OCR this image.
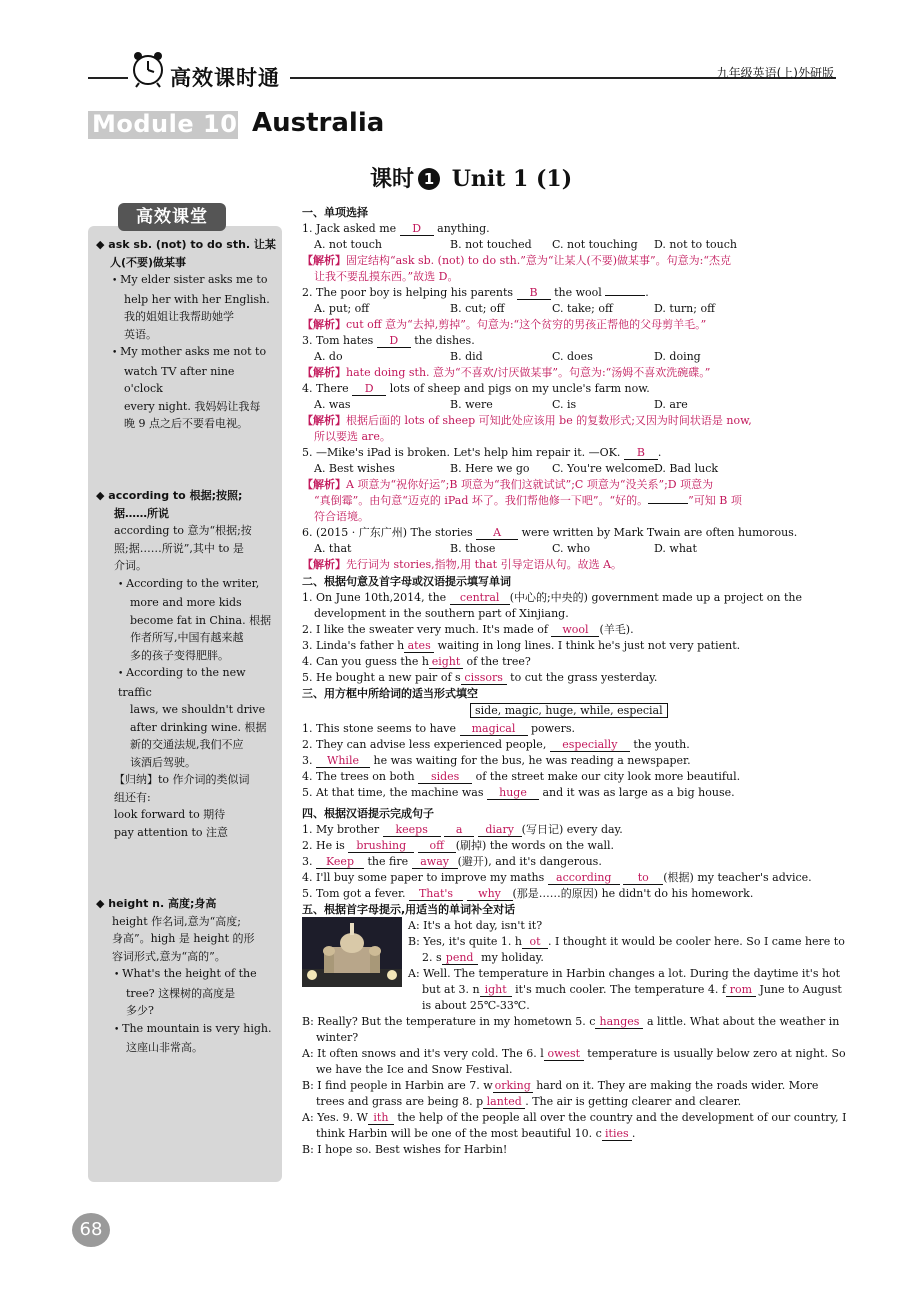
高效课时通	九年级英语(上)外研版
Module 10 Australia
课时 1 Unit 1 (1)
高效课堂

◆ ask sb. (not) to do sth. 让某

人(不要)做某事

• My elder sister asks me to

help her with her English.

我的姐姐让我帮助她学

英语。

• My mother asks me not to

watch TV after nine o'clock

every night. 我妈妈让我每

晚 9 点之后不要看电视。

◆ according to 根据;按照;

据……所说

according to 意为“根据;按

照;据……所说”,其中 to 是

介词。

• According to the writer,

more and more kids

become fat in China. 根据

作者所写,中国有越来越

多的孩子变得肥胖。

• According to the new traffic

laws, we shouldn't drive

after drinking wine. 根据

新的交通法规,我们不应

该酒后驾驶。

【归纳】to 作介词的类似词

组还有:

look forward to 期待

pay attention to 注意

◆ height n. 高度;身高

height 作名词,意为“高度;

身高”。high 是 height 的形

容词形式,意为“高的”。

• What's the height of the

tree? 这棵树的高度是

多少?

• The mountain is very high.

这座山非常高。

一、单项选择

1. Jack asked me D anything.

A. not touch	B. not touched C. not touching D. not to touch

【解析】固定结构“ask sb. (not) to do sth.”意为“让某人(不要)做某事”。句意为:“杰克

让我不要乱摸东西。”故选 D。

2. The poor boy is helping his parents B the wool	.

A. put; off	B. cut; off	C. take; off	D. turn; off

【解析】cut off 意为“去掉,剪掉”。句意为:“这个贫穷的男孩正帮他的父母剪羊毛。”

3. Tom hates D the dishes.

A. do	B. did	C. does	D. doing

【解析】hate doing sth. 意为“不喜欢/讨厌做某事”。句意为:“汤姆不喜欢洗碗碟。”

4. There D lots of sheep and pigs on my uncle's farm now.

A. was	B. were	C. is	D. are

【解析】根据后面的 lots of sheep 可知此处应该用 be 的复数形式;又因为时间状语是 now,

所以要选 are。

5. —Mike's iPad is broken. Let's help him repair it. —OK. B .

A. Best wishes	B. Here we go C. You're welcome D. Bad luck

【解析】A 项意为“祝你好运”;B 项意为“我们这就试试”;C 项意为“没关系”;D 项意为

“真倒霉”。由句意“迈克的 iPad 坏了。我们帮他修一下吧”。“好的。	”可知 B 项

符合语境。

6. (2015 · 广东广州) The stories A were written by Mark Twain are often humorous.

A. that	B. those	C. who	D. what

【解析】先行词为 stories,指物,用 that 引导定语从句。故选 A。

二、根据句意及首字母或汉语提示填写单词

1. On June 10th,2014, the central (中心的;中央的) government made up a project on the

development in the southern part of Xinjiang.

2. I like the sweater very much. It's made of wool (羊毛).

3. Linda's father h ates waiting in long lines. I think he's just not very patient.

4. Can you guess the h eight of the tree?

5. He bought a new pair of s cissors to cut the grass yesterday.

三、用方框中所给词的适当形式填空

side, magic, huge, while, especial

1. This stone seems to have magical powers.

2. They can advise less experienced people, especially the youth.

3. While he was waiting for the bus, he was reading a newspaper.

4. The trees on both sides of the street make our city look more beautiful.

5. At that time, the machine was huge and it was as large as a big house.

四、根据汉语提示完成句子

1. My brother keeps	a diary (写日记) every day.

2. He is brushing off (刷掉) the words on the wall.

3. Keep the fire away (避开), and it's dangerous.

4. I'll buy some paper to improve my maths according to (根据) my teacher's advice.

5. Tom got a fever. That's why (那是……的原因) he didn't do his homework.

五、根据首字母提示,用适当的单词补全对话

A: It's a hot day, isn't it?

B: Yes, it's quite 1. h ot . I thought it would be cooler here. So I came here to

2. s pend my holiday.

A: Well. The temperature in Harbin changes a lot. During the daytime it's hot

but at 3. n ight it's much cooler. The temperature 4. f rom June to August

is about 25℃-33℃.

B: Really? But the temperature in my hometown 5. c hanges a little. What about the weather in

winter?

A: It often snows and it's very cold. The 6. l owest temperature is usually below zero at night. So

we have the Ice and Snow Festival.

B: I find people in Harbin are 7. w orking hard on it. They are making the roads wider. More

trees and grass are being 8. p lanted . The air is getting clearer and clearer.

A: Yes. 9. W ith the help of the people all over the country and the development of our country, I

think Harbin will be one of the most beautiful 10. c ities .

B: I hope so. Best wishes for Harbin!

68
